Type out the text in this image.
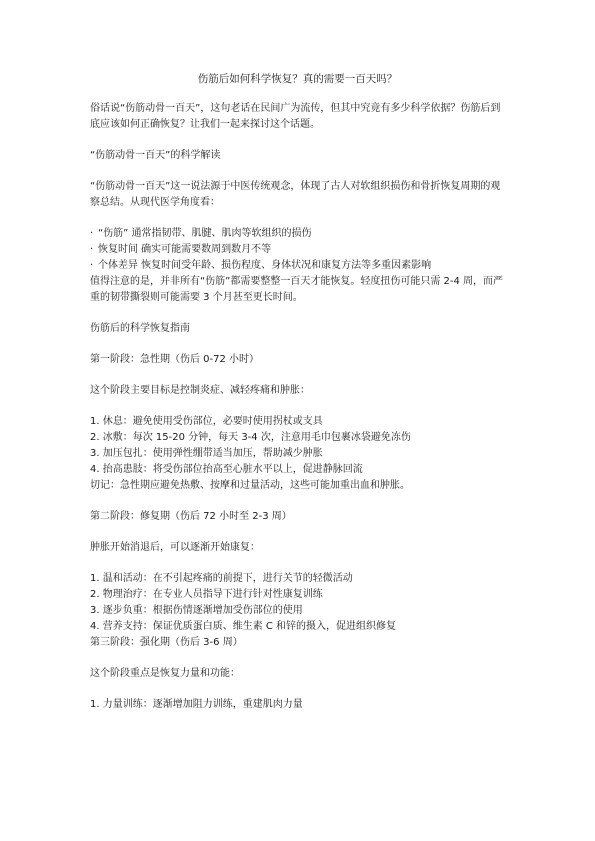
伤筋后如何科学恢复？真的需要一百天吗？

俗话说“伤筋动骨一百天”，这句老话在民间广为流传，但其中究竟有多少科学依据？伤筋后到底应该如何正确恢复？让我们一起来探讨这个话题。

“伤筋动骨一百天”的科学解读

“伤筋动骨一百天”这一说法源于中医传统观念，体现了古人对软组织损伤和骨折恢复周期的观察总结。从现代医学角度看：

· “伤筋” 通常指韧带、肌腱、肌肉等软组织的损伤
· 恢复时间 确实可能需要数周到数月不等
· 个体差异 恢复时间受年龄、损伤程度、身体状况和康复方法等多重因素影响

值得注意的是，并非所有“伤筋”都需要整整一百天才能恢复。轻度扭伤可能只需 2-4 周，而严重的韧带撕裂则可能需要 3 个月甚至更长时间。

伤筋后的科学恢复指南

第一阶段：急性期（伤后 0-72 小时）

这个阶段主要目标是控制炎症、减轻疼痛和肿胀：

1. 休息：避免使用受伤部位，必要时使用拐杖或支具
2. 冰敷：每次 15-20 分钟，每天 3-4 次，注意用毛巾包裹冰袋避免冻伤
3. 加压包扎：使用弹性绷带适当加压，帮助减少肿胀
4. 抬高患肢：将受伤部位抬高至心脏水平以上，促进静脉回流

切记：急性期应避免热敷、按摩和过量活动，这些可能加重出血和肿胀。

第二阶段：修复期（伤后 72 小时至 2-3 周）

肿胀开始消退后，可以逐渐开始康复：

1. 温和活动：在不引起疼痛的前提下，进行关节的轻微活动
2. 物理治疗：在专业人员指导下进行针对性康复训练
3. 逐步负重：根据伤情逐渐增加受伤部位的使用
4. 营养支持：保证优质蛋白质、维生素 C 和锌的摄入，促进组织修复

第三阶段：强化期（伤后 3-6 周）

这个阶段重点是恢复力量和功能：

1. 力量训练：逐渐增加阻力训练，重建肌肉力量
